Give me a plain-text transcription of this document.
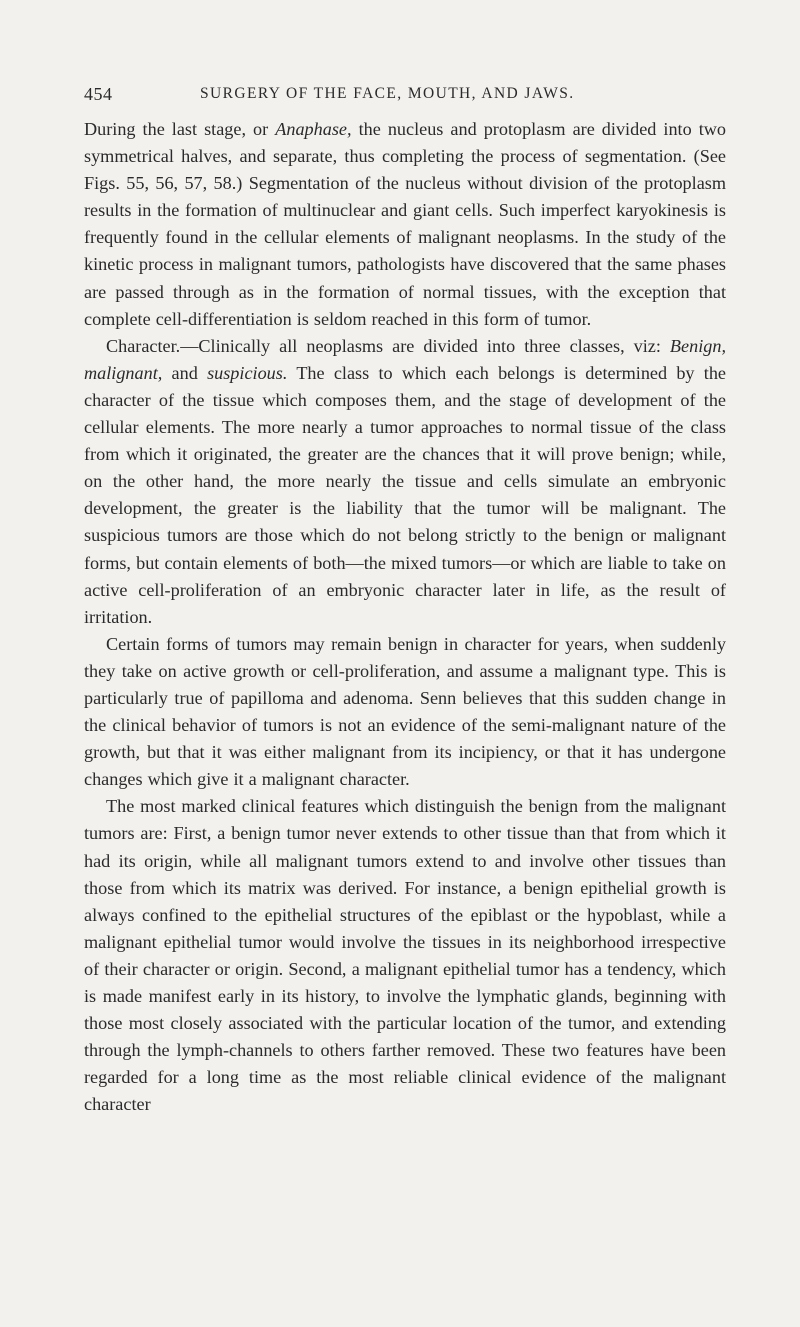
454	SURGERY OF THE FACE, MOUTH, AND JAWS.

During the last stage, or Anaphase, the nucleus and protoplasm are divided into two symmetrical halves, and separate, thus completing the process of segmentation. (See Figs. 55, 56, 57, 58.) Segmentation of the nucleus without division of the protoplasm results in the formation of multinuclear and giant cells. Such imperfect karyokinesis is frequently found in the cellular elements of malignant neoplasms. In the study of the kinetic process in malignant tumors, pathologists have discovered that the same phases are passed through as in the formation of normal tissues, with the exception that complete cell-differentiation is seldom reached in this form of tumor.

Character.—Clinically all neoplasms are divided into three classes, viz: Benign, malignant, and suspicious. The class to which each belongs is determined by the character of the tissue which composes them, and the stage of development of the cellular elements. The more nearly a tumor approaches to normal tissue of the class from which it originated, the greater are the chances that it will prove benign; while, on the other hand, the more nearly the tissue and cells simulate an embryonic development, the greater is the liability that the tumor will be malignant. The suspicious tumors are those which do not belong strictly to the benign or malignant forms, but contain elements of both—the mixed tumors—or which are liable to take on active cell-proliferation of an embryonic character later in life, as the result of irritation.

Certain forms of tumors may remain benign in character for years, when suddenly they take on active growth or cell-proliferation, and assume a malignant type. This is particularly true of papilloma and adenoma. Senn believes that this sudden change in the clinical behavior of tumors is not an evidence of the semi-malignant nature of the growth, but that it was either malignant from its incipiency, or that it has undergone changes which give it a malignant character.

The most marked clinical features which distinguish the benign from the malignant tumors are: First, a benign tumor never extends to other tissue than that from which it had its origin, while all malignant tumors extend to and involve other tissues than those from which its matrix was derived. For instance, a benign epithelial growth is always confined to the epithelial structures of the epiblast or the hypoblast, while a malignant epithelial tumor would involve the tissues in its neighborhood irrespective of their character or origin. Second, a malignant epithelial tumor has a tendency, which is made manifest early in its history, to involve the lymphatic glands, beginning with those most closely associated with the particular location of the tumor, and extending through the lymph-channels to others farther removed. These two features have been regarded for a long time as the most reliable clinical evidence of the malignant character
